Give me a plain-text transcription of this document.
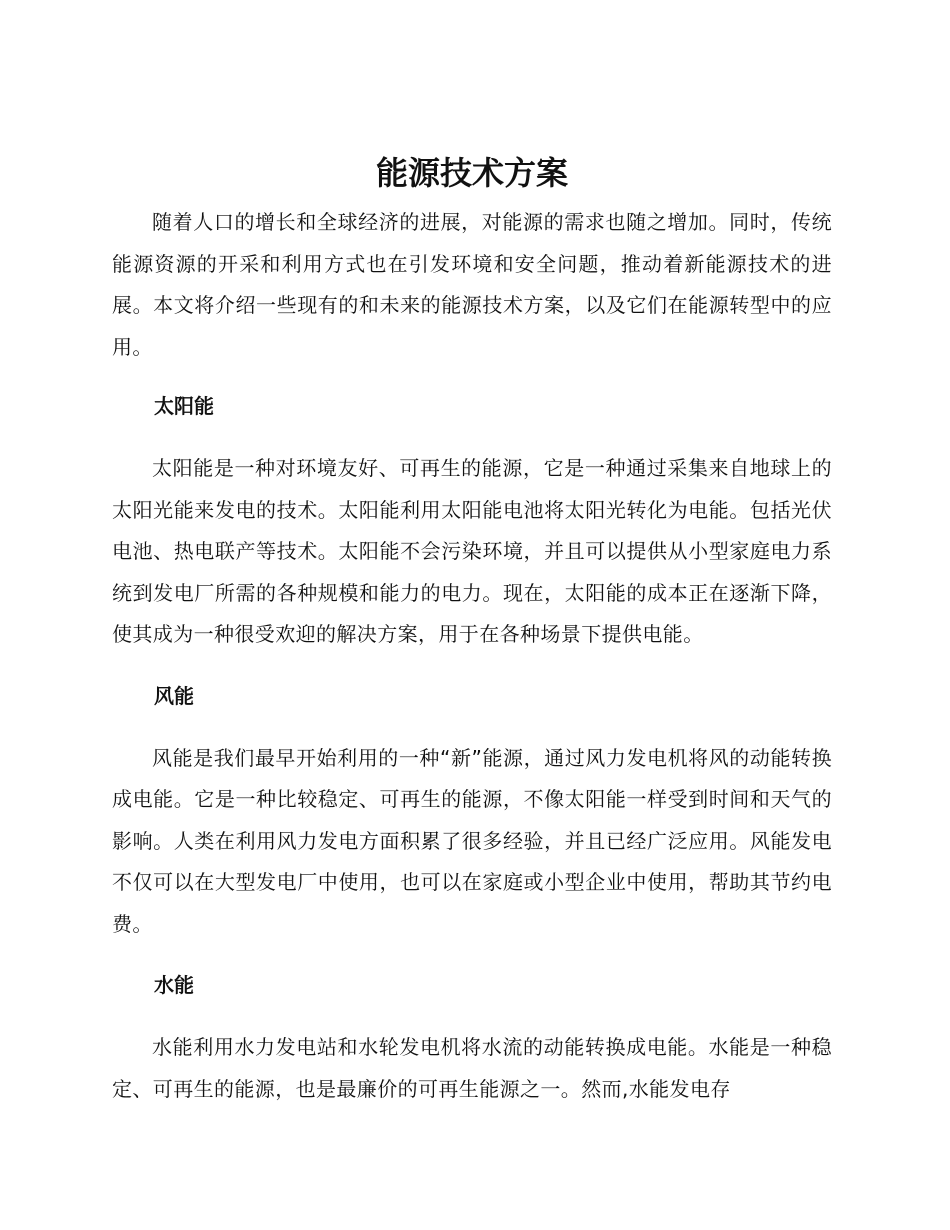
能源技术方案

随着人口的增长和全球经济的进展，对能源的需求也随之增加。同时，传统能源资源的开采和利用方式也在引发环境和安全问题，推动着新能源技术的进展。本文将介绍一些现有的和未来的能源技术方案，以及它们在能源转型中的应用。

太阳能

太阳能是一种对环境友好、可再生的能源，它是一种通过采集来自地球上的太阳光能来发电的技术。太阳能利用太阳能电池将太阳光转化为电能。包括光伏电池、热电联产等技术。太阳能不会污染环境，并且可以提供从小型家庭电力系统到发电厂所需的各种规模和能力的电力。现在，太阳能的成本正在逐渐下降，使其成为一种很受欢迎的解决方案，用于在各种场景下提供电能。

风能

风能是我们最早开始利用的一种“新”能源，通过风力发电机将风的动能转换成电能。它是一种比较稳定、可再生的能源，不像太阳能一样受到时间和天气的影响。人类在利用风力发电方面积累了很多经验，并且已经广泛应用。风能发电不仅可以在大型发电厂中使用，也可以在家庭或小型企业中使用，帮助其节约电费。

水能

水能利用水力发电站和水轮发电机将水流的动能转换成电能。水能是一种稳定、可再生的能源，也是最廉价的可再生能源之一。然而,水能发电存
